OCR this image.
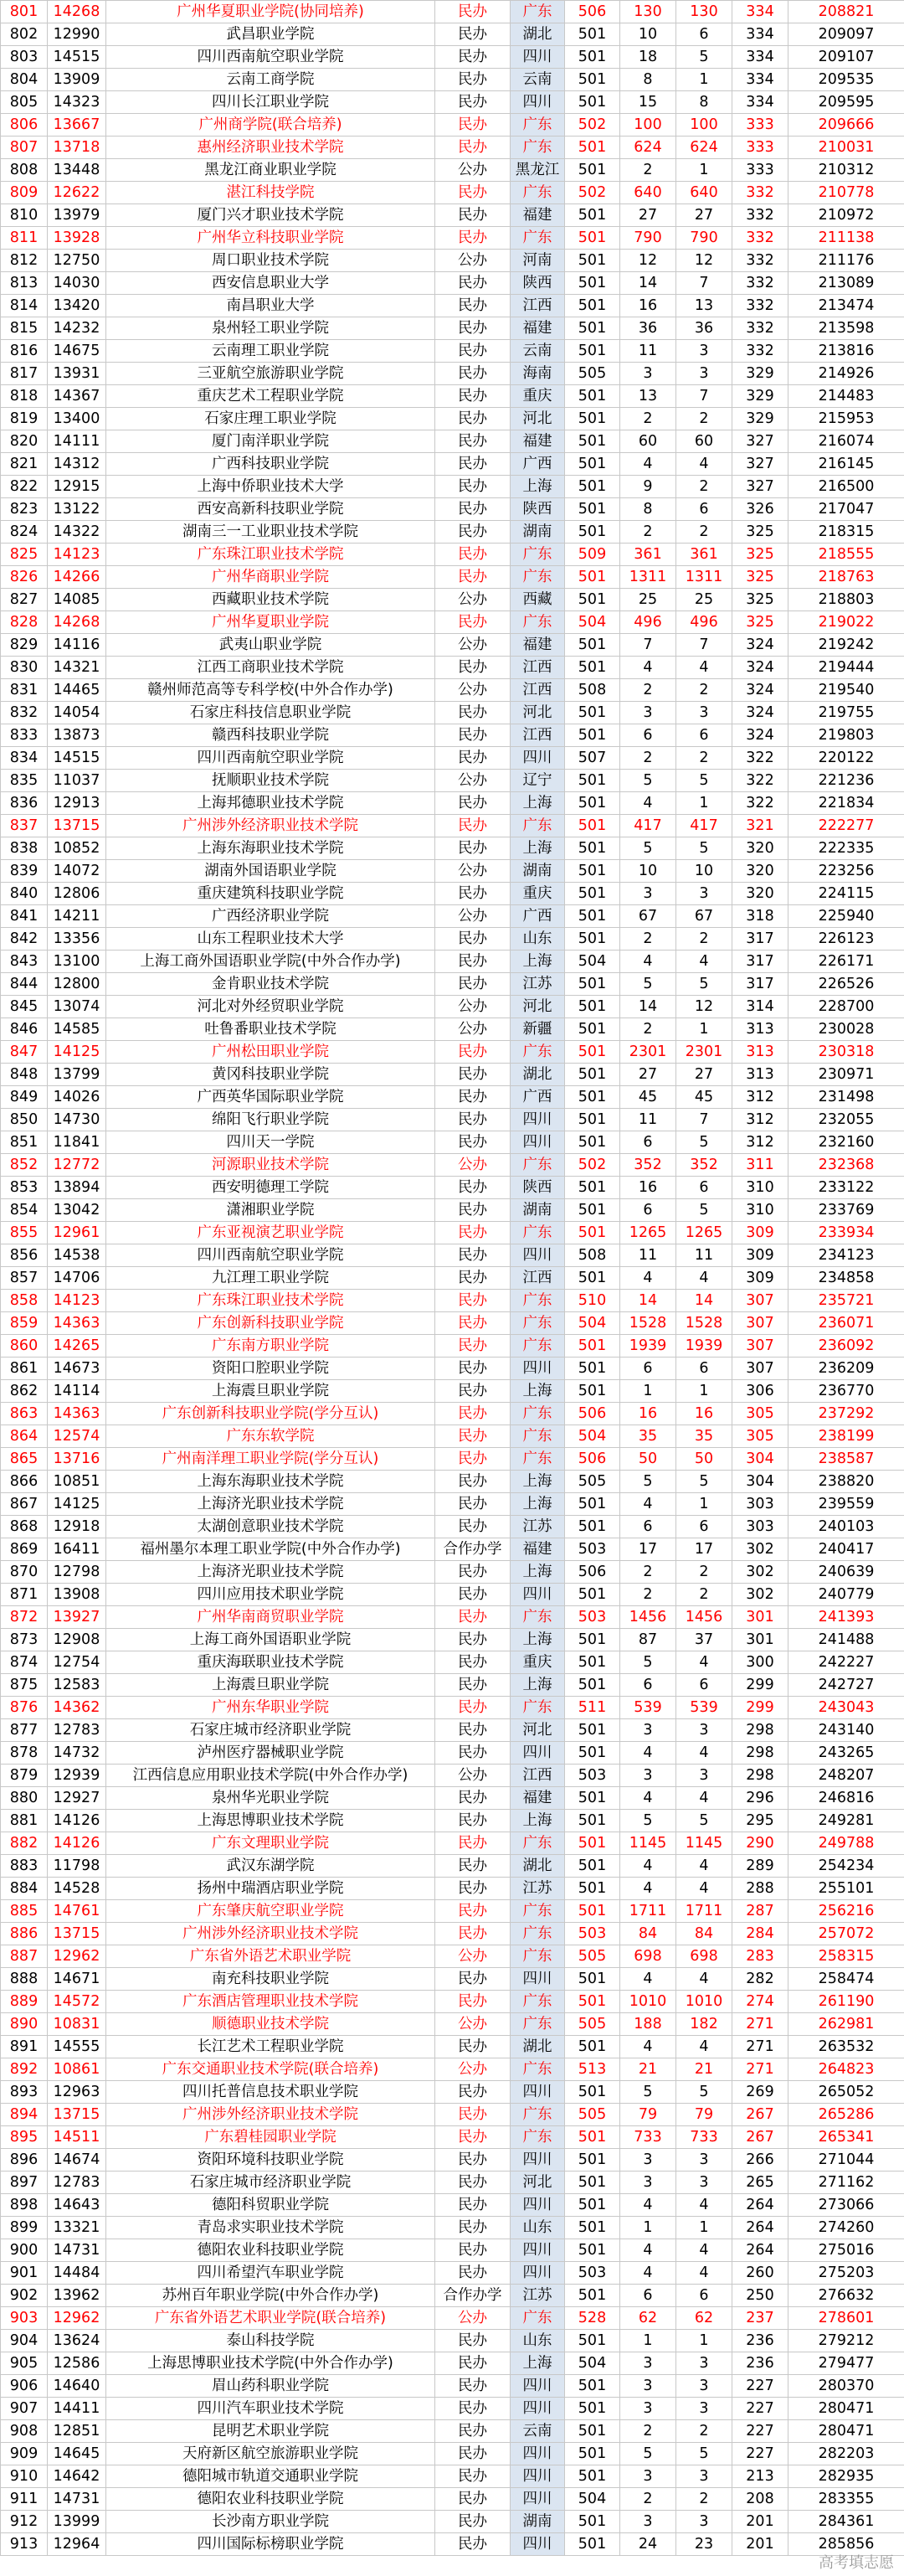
801	14268	广州华夏职业学院(协同培养)	民办	广东	506	130	130	334	208821
802	12990	武昌职业学院	民办	湖北	501	10	6	334	209097
803	14515	四川西南航空职业学院	民办	四川	501	18	5	334	209107
804	13909	云南工商学院	民办	云南	501	8	1	334	209535
805	14323	四川长江职业学院	民办	四川	501	15	8	334	209595
806	13667	广州商学院(联合培养)	民办	广东	502	100	100	333	209666
807	13718	惠州经济职业技术学院	民办	广东	501	624	624	333	210031
808	13448	黑龙江商业职业学院	公办	黑龙江	501	2	1	333	210312
809	12622	湛江科技学院	民办	广东	502	640	640	332	210778
810	13979	厦门兴才职业技术学院	民办	福建	501	27	27	332	210972
811	13928	广州华立科技职业学院	民办	广东	501	790	790	332	211138
812	12750	周口职业技术学院	公办	河南	501	12	12	332	211176
813	14030	西安信息职业大学	民办	陕西	501	14	7	332	213089
814	13420	南昌职业大学	民办	江西	501	16	13	332	213474
815	14232	泉州轻工职业学院	民办	福建	501	36	36	332	213598
816	14675	云南理工职业学院	民办	云南	501	11	3	332	213816
817	13931	三亚航空旅游职业学院	民办	海南	505	3	3	329	214926
818	14367	重庆艺术工程职业学院	民办	重庆	501	13	7	329	214483
819	13400	石家庄理工职业学院	民办	河北	501	2	2	329	215953
820	14111	厦门南洋职业学院	民办	福建	501	60	60	327	216074
821	14312	广西科技职业学院	民办	广西	501	4	4	327	216145
822	12915	上海中侨职业技术大学	民办	上海	501	9	2	327	216500
823	13122	西安高新科技职业学院	民办	陕西	501	8	6	326	217047
824	14322	湖南三一工业职业技术学院	民办	湖南	501	2	2	325	218315
825	14123	广东珠江职业技术学院	民办	广东	509	361	361	325	218555
826	14266	广州华商职业学院	民办	广东	501	1311	1311	325	218763
827	14085	西藏职业技术学院	公办	西藏	501	25	25	325	218803
828	14268	广州华夏职业学院	民办	广东	504	496	496	325	219022
829	14116	武夷山职业学院	公办	福建	501	7	7	324	219242
830	14321	江西工商职业技术学院	民办	江西	501	4	4	324	219444
831	14465	赣州师范高等专科学校(中外合作办学)	公办	江西	508	2	2	324	219540
832	14054	石家庄科技信息职业学院	民办	河北	501	3	3	324	219755
833	13873	赣西科技职业学院	民办	江西	501	6	6	324	219803
834	14515	四川西南航空职业学院	民办	四川	507	2	2	322	220122
835	11037	抚顺职业技术学院	公办	辽宁	501	5	5	322	221236
836	12913	上海邦德职业技术学院	民办	上海	501	4	1	322	221834
837	13715	广州涉外经济职业技术学院	民办	广东	501	417	417	321	222277
838	10852	上海东海职业技术学院	民办	上海	501	5	5	320	222335
839	14072	湖南外国语职业学院	公办	湖南	501	10	10	320	223256
840	12806	重庆建筑科技职业学院	民办	重庆	501	3	3	320	224115
841	14211	广西经济职业学院	公办	广西	501	67	67	318	225940
842	13356	山东工程职业技术大学	民办	山东	501	2	2	317	226123
843	13100	上海工商外国语职业学院(中外合作办学)	民办	上海	504	4	4	317	226171
844	12800	金肯职业技术学院	民办	江苏	501	5	5	317	226526
845	13074	河北对外经贸职业学院	公办	河北	501	14	12	314	228700
846	14585	吐鲁番职业技术学院	公办	新疆	501	2	1	313	230028
847	14125	广州松田职业学院	民办	广东	501	2301	2301	313	230318
848	13799	黄冈科技职业学院	民办	湖北	501	27	27	313	230971
849	14026	广西英华国际职业学院	民办	广西	501	45	45	312	231498
850	14730	绵阳飞行职业学院	民办	四川	501	11	7	312	232055
851	11841	四川天一学院	民办	四川	501	6	5	312	232160
852	12772	河源职业技术学院	公办	广东	502	352	352	311	232368
853	13894	西安明德理工学院	民办	陕西	501	16	6	310	233122
854	13042	潇湘职业学院	民办	湖南	501	6	5	310	233769
855	12961	广东亚视演艺职业学院	民办	广东	501	1265	1265	309	233934
856	14538	四川西南航空职业学院	民办	四川	508	11	11	309	234123
857	14706	九江理工职业学院	民办	江西	501	4	4	309	234858
858	14123	广东珠江职业技术学院	民办	广东	510	14	14	307	235721
859	14363	广东创新科技职业学院	民办	广东	504	1528	1528	307	236071
860	14265	广东南方职业学院	民办	广东	501	1939	1939	307	236092
861	14673	资阳口腔职业学院	民办	四川	501	6	6	307	236209
862	14114	上海震旦职业学院	民办	上海	501	1	1	306	236770
863	14363	广东创新科技职业学院(学分互认)	民办	广东	506	16	16	305	237292
864	12574	广东东软学院	民办	广东	504	35	35	305	238199
865	13716	广州南洋理工职业学院(学分互认)	民办	广东	506	50	50	304	238587
866	10851	上海东海职业技术学院	民办	上海	505	5	5	304	238820
867	14125	上海济光职业技术学院	民办	上海	501	4	1	303	239559
868	12918	太湖创意职业技术学院	民办	江苏	501	6	6	303	240103
869	16411	福州墨尔本理工职业学院(中外合作办学)	合作办学	福建	503	17	17	302	240417
870	12798	上海济光职业技术学院	民办	上海	506	2	2	302	240639
871	13908	四川应用技术职业学院	民办	四川	501	2	2	302	240779
872	13927	广州华南商贸职业学院	民办	广东	503	1456	1456	301	241393
873	12908	上海工商外国语职业学院	民办	上海	501	87	37	301	241488
874	12754	重庆海联职业技术学院	民办	重庆	501	5	4	300	242227
875	12583	上海震旦职业学院	民办	上海	501	6	6	299	242727
876	14362	广州东华职业学院	民办	广东	511	539	539	299	243043
877	12783	石家庄城市经济职业学院	民办	河北	501	3	3	298	243140
878	14732	泸州医疗器械职业学院	民办	四川	501	4	4	298	243265
879	12939	江西信息应用职业技术学院(中外合作办学)	公办	江西	503	3	3	298	248207
880	12927	泉州华光职业学院	民办	福建	501	4	4	296	246816
881	14126	上海思博职业技术学院	民办	上海	501	5	5	295	249281
882	14126	广东文理职业学院	民办	广东	501	1145	1145	290	249788
883	11798	武汉东湖学院	民办	湖北	501	4	4	289	254234
884	14528	扬州中瑞酒店职业学院	民办	江苏	501	4	4	288	255101
885	14761	广东肇庆航空职业学院	民办	广东	501	1711	1711	287	256216
886	13715	广州涉外经济职业技术学院	民办	广东	503	84	84	284	257072
887	12962	广东省外语艺术职业学院	公办	广东	505	698	698	283	258315
888	14671	南充科技职业学院	民办	四川	501	4	4	282	258474
889	14572	广东酒店管理职业技术学院	民办	广东	501	1010	1010	274	261190
890	10831	顺德职业技术学院	公办	广东	505	188	182	271	262981
891	14555	长江艺术工程职业学院	民办	湖北	501	4	4	271	263532
892	10861	广东交通职业技术学院(联合培养)	公办	广东	513	21	21	271	264823
893	12963	四川托普信息技术职业学院	民办	四川	501	5	5	269	265052
894	13715	广州涉外经济职业技术学院	民办	广东	505	79	79	267	265286
895	14511	广东碧桂园职业学院	民办	广东	501	733	733	267	265341
896	14674	资阳环境科技职业学院	民办	四川	501	3	3	266	271044
897	12783	石家庄城市经济职业学院	民办	河北	501	3	3	265	271162
898	14643	德阳科贸职业学院	民办	四川	501	4	4	264	273066
899	13321	青岛求实职业技术学院	民办	山东	501	1	1	264	274260
900	14731	德阳农业科技职业学院	民办	四川	501	4	4	264	275016
901	14484	四川希望汽车职业学院	民办	四川	503	4	4	260	275203
902	13962	苏州百年职业学院(中外合作办学)	合作办学	江苏	501	6	6	250	276632
903	12962	广东省外语艺术职业学院(联合培养)	公办	广东	528	62	62	237	278601
904	13624	泰山科技学院	民办	山东	501	1	1	236	279212
905	12586	上海思博职业技术学院(中外合作办学)	民办	上海	504	3	3	236	279477
906	14640	眉山药科职业学院	民办	四川	501	3	3	227	280370
907	14411	四川汽车职业技术学院	民办	四川	501	3	3	227	280471
908	12851	昆明艺术职业学院	民办	云南	501	2	2	227	280471
909	14645	天府新区航空旅游职业学院	民办	四川	501	5	5	227	282203
910	14642	德阳城市轨道交通职业学院	民办	四川	501	3	3	213	282935
911	14731	德阳农业科技职业学院	民办	四川	504	2	2	208	283355
912	13999	长沙南方职业学院	民办	湖南	501	3	3	201	284361
913	12964	四川国际标榜职业学院	民办	四川	501	24	23	201	285856
高考填志愿
